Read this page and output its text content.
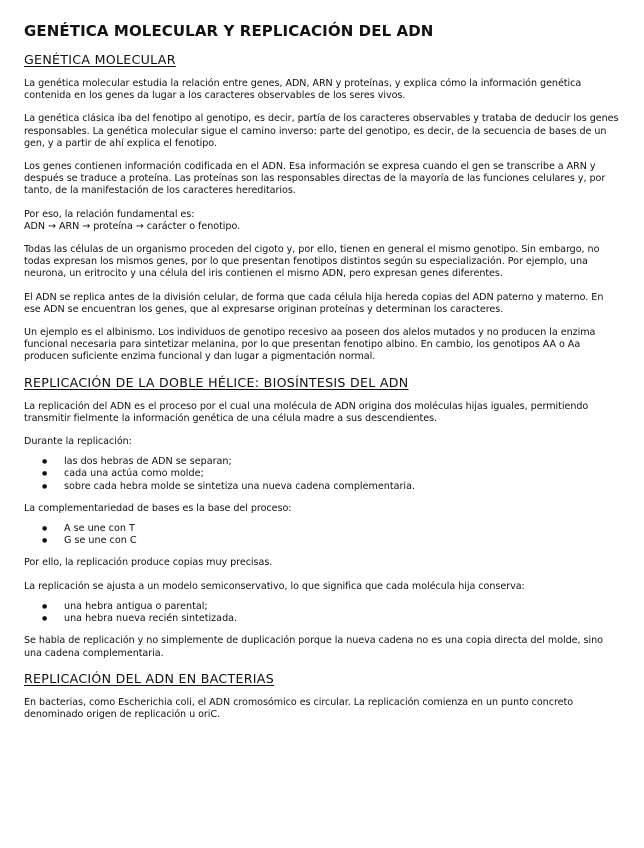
GENÉTICA MOLECULAR Y REPLICACIÓN DEL ADN
GENÉTICA MOLECULAR

La genética molecular estudia la relación entre genes, ADN, ARN y proteínas, y explica cómo la información genética contenida en los genes da lugar a los caracteres observables de los seres vivos.

La genética clásica iba del fenotipo al genotipo, es decir, partía de los caracteres observables y trataba de deducir los genes responsables. La genética molecular sigue el camino inverso: parte del genotipo, es decir, de la secuencia de bases de un gen, y a partir de ahí explica el fenotipo.

Los genes contienen información codificada en el ADN. Esa información se expresa cuando el gen se transcribe a ARN y después se traduce a proteína. Las proteínas son las responsables directas de la mayoría de las funciones celulares y, por tanto, de la manifestación de los caracteres hereditarios.

Por eso, la relación fundamental es:
ADN → ARN → proteína → carácter o fenotipo.

Todas las células de un organismo proceden del cigoto y, por ello, tienen en general el mismo genotipo. Sin embargo, no todas expresan los mismos genes, por lo que presentan fenotipos distintos según su especialización. Por ejemplo, una neurona, un eritrocito y una célula del iris contienen el mismo ADN, pero expresan genes diferentes.

El ADN se replica antes de la división celular, de forma que cada célula hija hereda copias del ADN paterno y materno. En ese ADN se encuentran los genes, que al expresarse originan proteínas y determinan los caracteres.

Un ejemplo es el albinismo. Los individuos de genotipo recesivo aa poseen dos alelos mutados y no producen la enzima funcional necesaria para sintetizar melanina, por lo que presentan fenotipo albino. En cambio, los genotipos AA o Aa producen suficiente enzima funcional y dan lugar a pigmentación normal.

REPLICACIÓN DE LA DOBLE HÉLICE: BIOSÍNTESIS DEL ADN

La replicación del ADN es el proceso por el cual una molécula de ADN origina dos moléculas hijas iguales, permitiendo transmitir fielmente la información genética de una célula madre a sus descendientes.

Durante la replicación:

● las dos hebras de ADN se separan;
● cada una actúa como molde;
● sobre cada hebra molde se sintetiza una nueva cadena complementaria.

La complementariedad de bases es la base del proceso:

● A se une con T
● G se une con C

Por ello, la replicación produce copias muy precisas.

La replicación se ajusta a un modelo semiconservativo, lo que significa que cada molécula hija conserva:

● una hebra antigua o parental;
● una hebra nueva recién sintetizada.

Se habla de replicación y no simplemente de duplicación porque la nueva cadena no es una copia directa del molde, sino una cadena complementaria.

REPLICACIÓN DEL ADN EN BACTERIAS

En bacterias, como Escherichia coli, el ADN cromosómico es circular. La replicación comienza en un punto concreto denominado origen de replicación u oriC.
